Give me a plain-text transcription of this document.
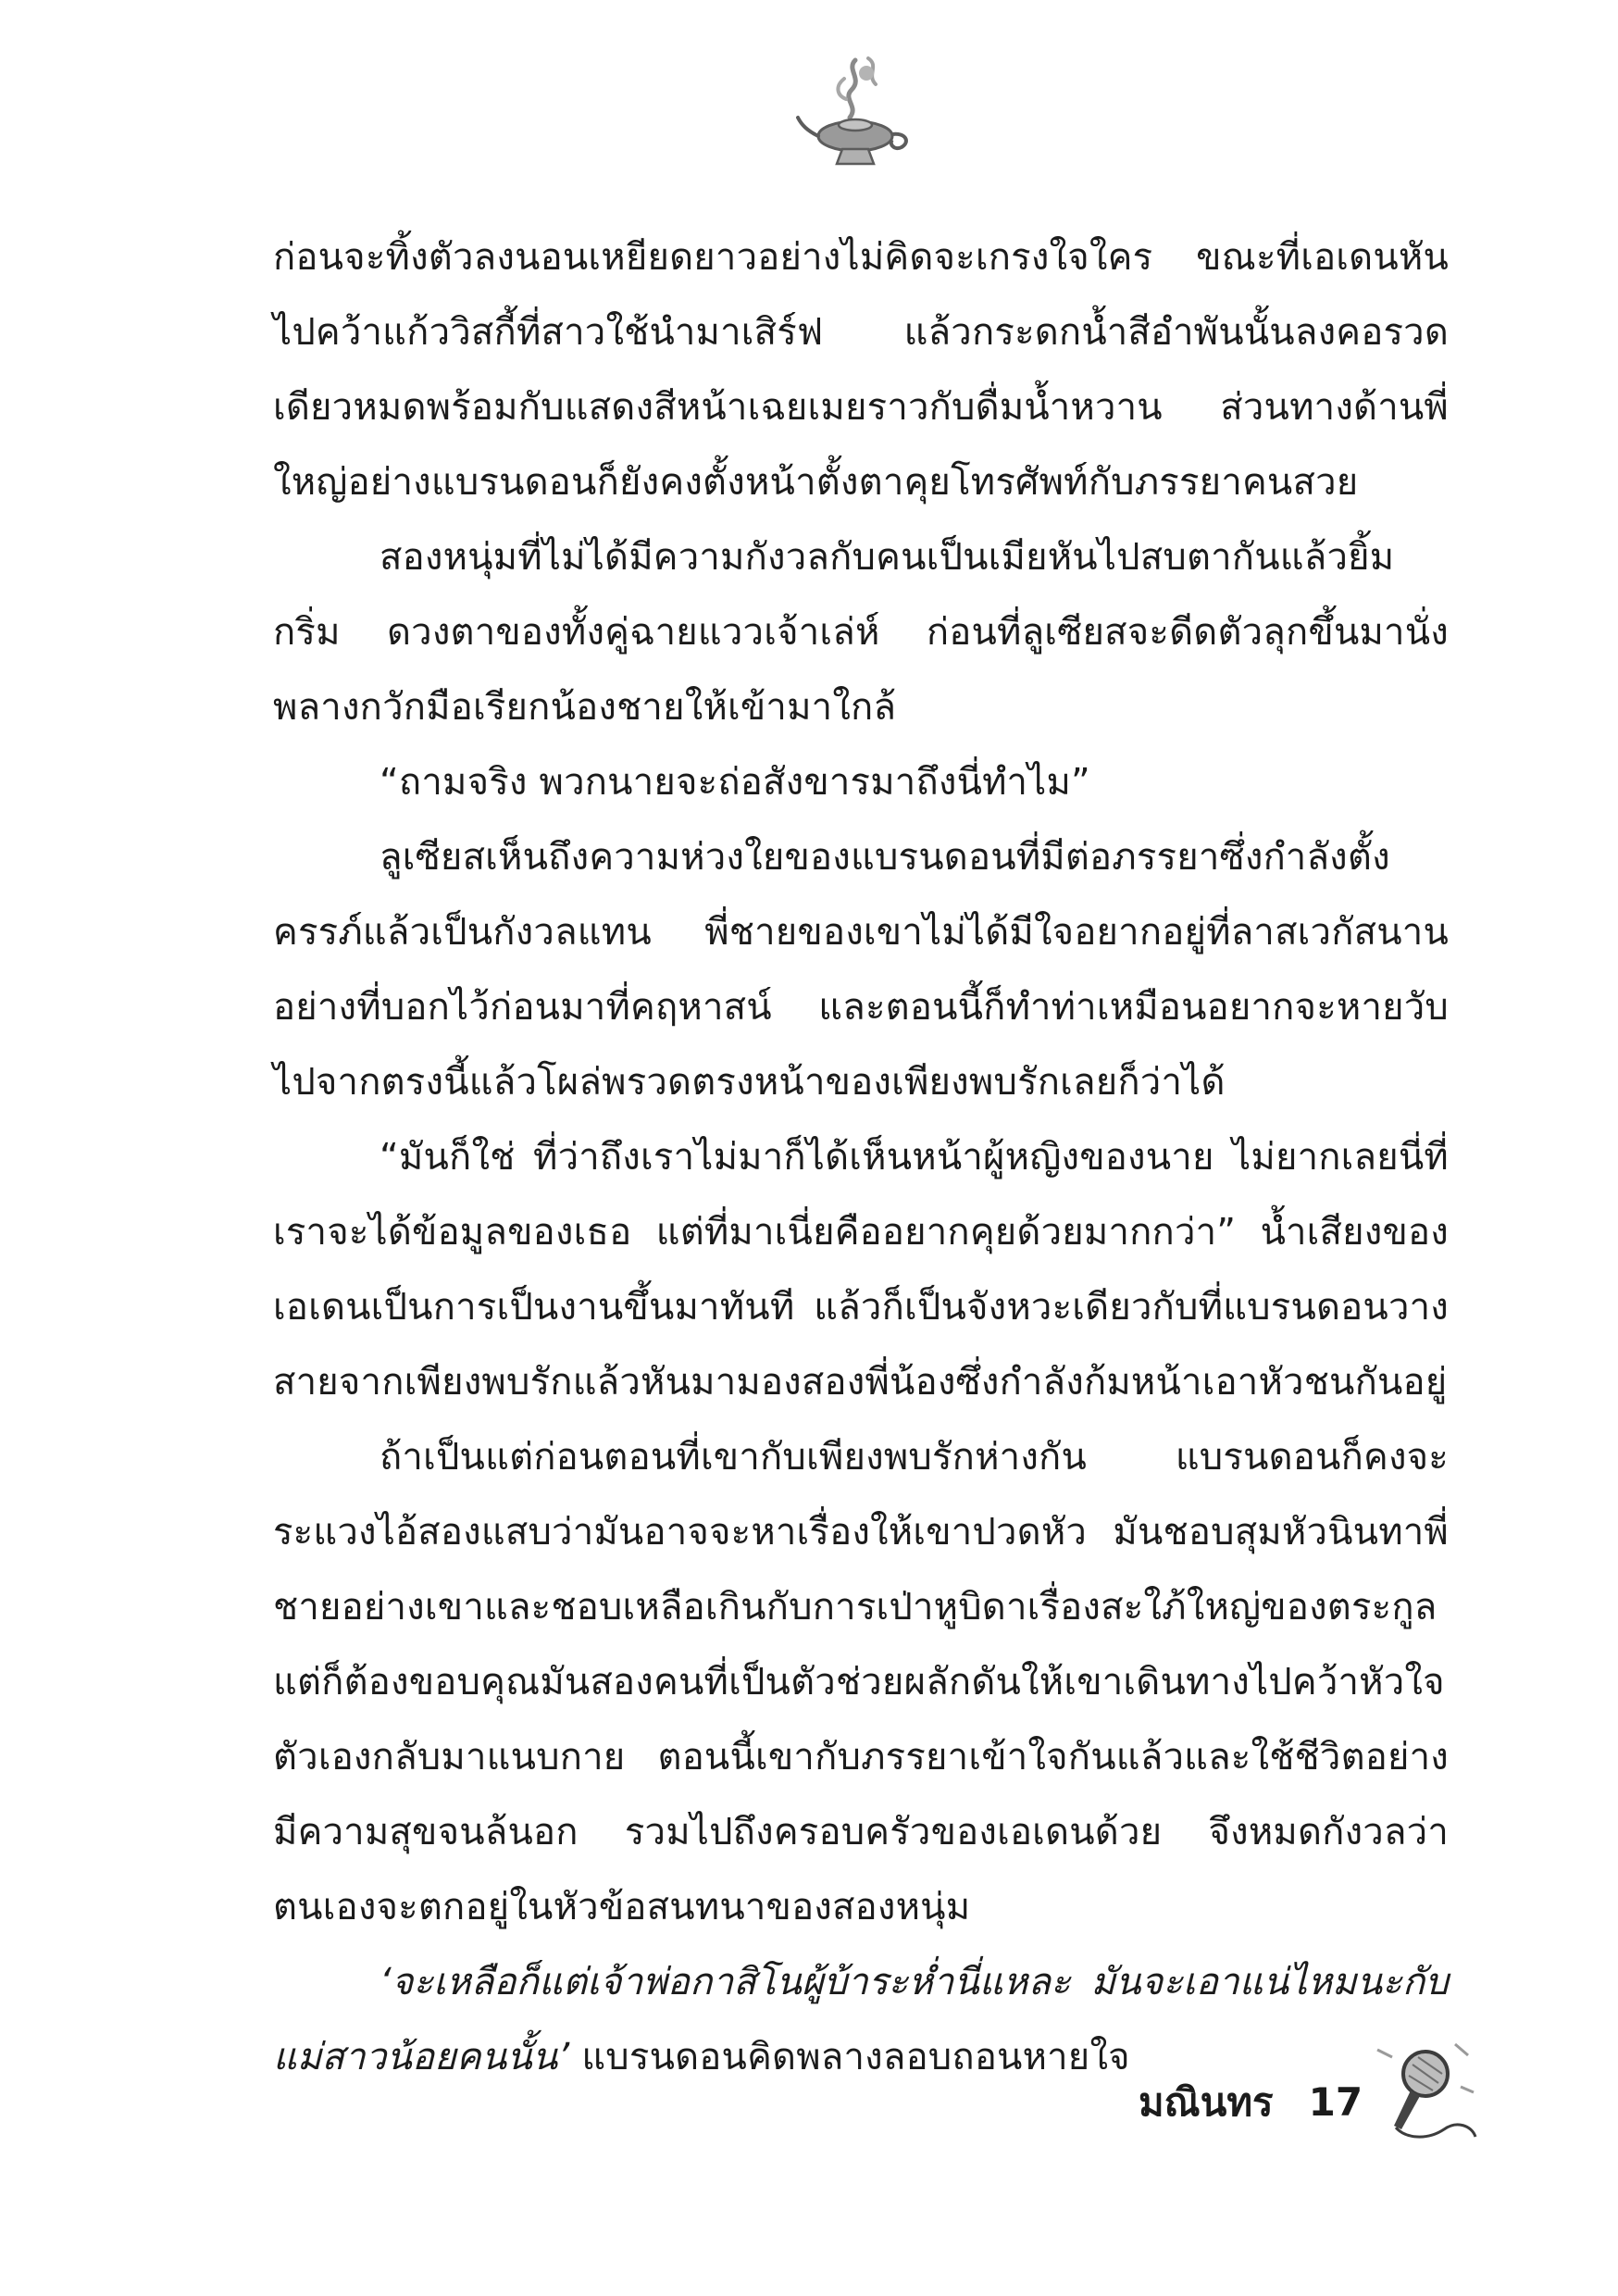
ก่อนจะทิ้งตัวลงนอนเหยียดยาวอย่างไม่คิดจะเกรงใจใคร ขณะที่เอเดนหันไปคว้าแก้ววิสกี้ที่สาวใช้นำมาเสิร์ฟ แล้วกระดกน้ำสีอำพันนั้นลงคอรวดเดียวหมดพร้อมกับแสดงสีหน้าเฉยเมยราวกับดื่มน้ำหวาน ส่วนทางด้านพี่ใหญ่อย่างแบรนดอนก็ยังคงตั้งหน้าตั้งตาคุยโทรศัพท์กับภรรยาคนสวย

สองหนุ่มที่ไม่ได้มีความกังวลกับคนเป็นเมียหันไปสบตากันแล้วยิ้มกริ่ม ดวงตาของทั้งคู่ฉายแววเจ้าเล่ห์ ก่อนที่ลูเซียสจะดีดตัวลุกขึ้นมานั่งพลางกวักมือเรียกน้องชายให้เข้ามาใกล้

“ถามจริง พวกนายจะถ่อสังขารมาถึงนี่ทำไม”

ลูเซียสเห็นถึงความห่วงใยของแบรนดอนที่มีต่อภรรยาซึ่งกำลังตั้งครรภ์แล้วเป็นกังวลแทน พี่ชายของเขาไม่ได้มีใจอยากอยู่ที่ลาสเวกัสนานอย่างที่บอกไว้ก่อนมาที่คฤหาสน์ และตอนนี้ก็ทำท่าเหมือนอยากจะหายวับไปจากตรงนี้แล้วโผล่พรวดตรงหน้าของเพียงพบรักเลยก็ว่าได้

“มันก็ใช่ ที่ว่าถึงเราไม่มาก็ได้เห็นหน้าผู้หญิงของนาย ไม่ยากเลยนี่ที่เราจะได้ข้อมูลของเธอ แต่ที่มาเนี่ยคืออยากคุยด้วยมากกว่า” น้ำเสียงของเอเดนเป็นการเป็นงานขึ้นมาทันที แล้วก็เป็นจังหวะเดียวกับที่แบรนดอนวางสายจากเพียงพบรักแล้วหันมามองสองพี่น้องซึ่งกำลังก้มหน้าเอาหัวชนกันอยู่

ถ้าเป็นแต่ก่อนตอนที่เขากับเพียงพบรักห่างกัน แบรนดอนก็คงจะระแวงไอ้สองแสบว่ามันอาจจะหาเรื่องให้เขาปวดหัว มันชอบสุมหัวนินทาพี่ชายอย่างเขาและชอบเหลือเกินกับการเป่าหูบิดาเรื่องสะใภ้ใหญ่ของตระกูล แต่ก็ต้องขอบคุณมันสองคนที่เป็นตัวช่วยผลักดันให้เขาเดินทางไปคว้าหัวใจตัวเองกลับมาแนบกาย ตอนนี้เขากับภรรยาเข้าใจกันแล้วและใช้ชีวิตอย่างมีความสุขจนล้นอก รวมไปถึงครอบครัวของเอเดนด้วย จึงหมดกังวลว่าตนเองจะตกอยู่ในหัวข้อสนทนาของสองหนุ่ม

‘จะเหลือก็แต่เจ้าพ่อกาสิโนผู้บ้าระห่ำนี่แหละ มันจะเอาแน่ไหมนะกับแม่สาวน้อยคนนั้น’ แบรนดอนคิดพลางลอบถอนหายใจ

มณินทร 17
